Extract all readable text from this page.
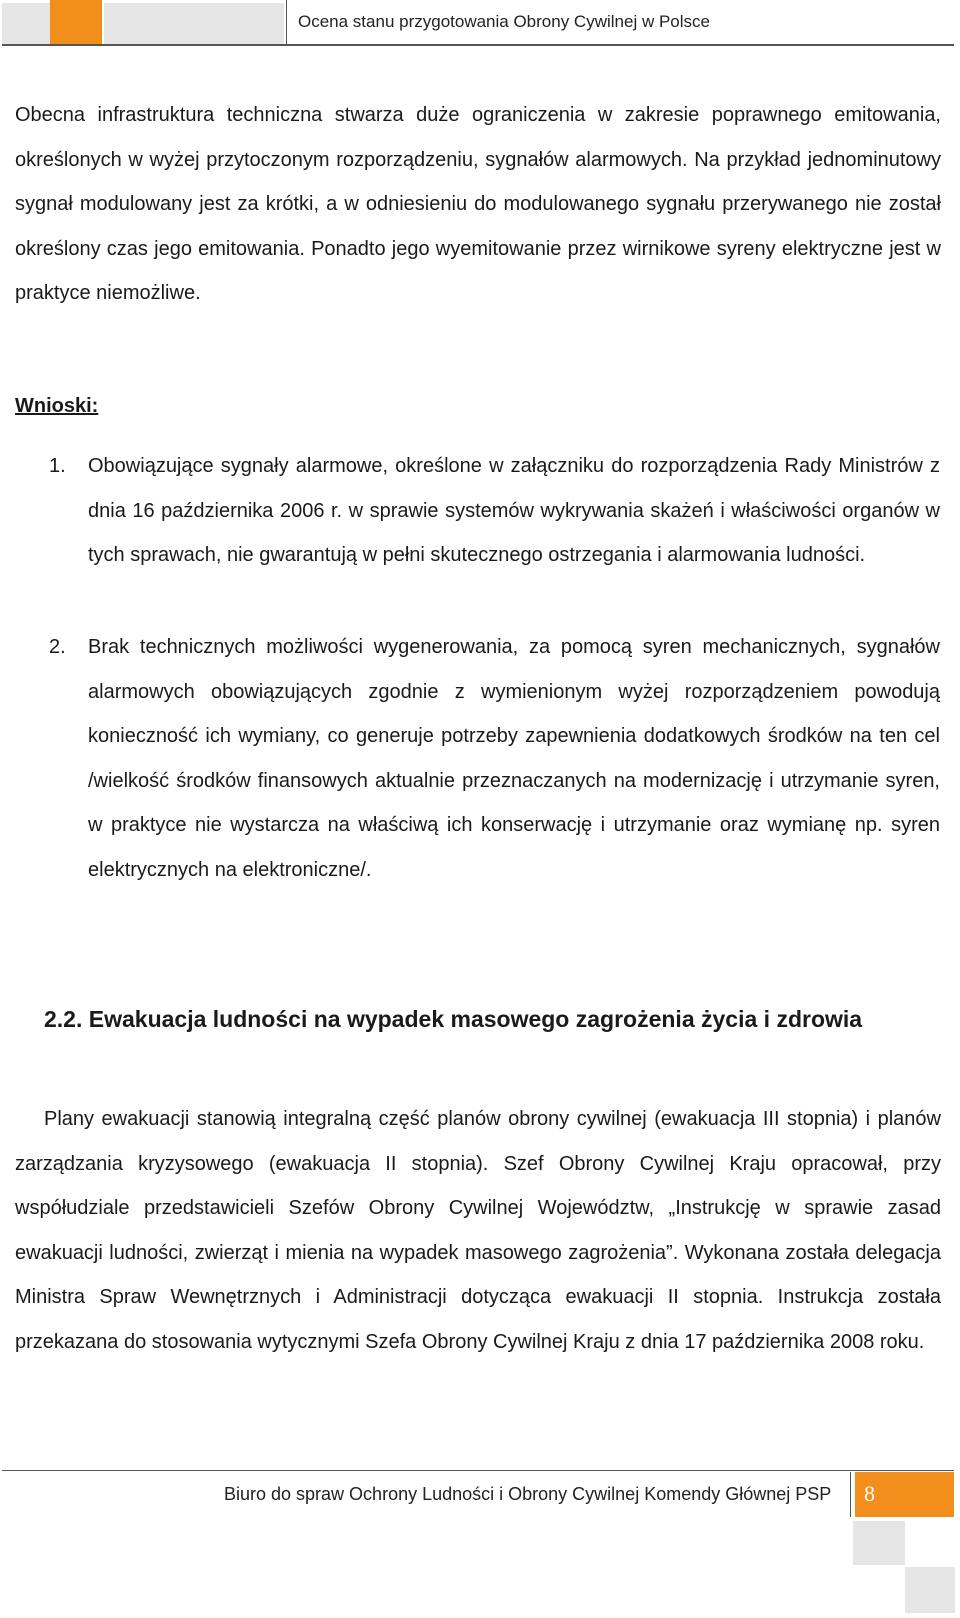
Ocena stanu przygotowania Obrony Cywilnej w Polsce

Obecna infrastruktura techniczna stwarza duże ograniczenia w zakresie poprawnego emitowania, określonych w wyżej przytoczonym rozporządzeniu, sygnałów alarmowych. Na przykład jednominutowy sygnał modulowany jest za krótki, a w odniesieniu do modulowanego sygnału przerywanego nie został określony czas jego emitowania. Ponadto jego wyemitowanie przez wirnikowe syreny elektryczne jest w praktyce niemożliwe.

Wnioski:
1. Obowiązujące sygnały alarmowe, określone w załączniku do rozporządzenia Rady Ministrów z dnia 16 października 2006 r. w sprawie systemów wykrywania skażeń i właściwości organów w tych sprawach, nie gwarantują w pełni skutecznego ostrzegania i alarmowania ludności.

2. Brak technicznych możliwości wygenerowania, za pomocą syren mechanicznych, sygnałów alarmowych obowiązujących zgodnie z wymienionym wyżej rozporządzeniem powodują konieczność ich wymiany, co generuje potrzeby zapewnienia dodatkowych środków na ten cel /wielkość środków finansowych aktualnie przeznaczanych na modernizację i utrzymanie syren, w praktyce nie wystarcza na właściwą ich konserwację i utrzymanie oraz wymianę np. syren elektrycznych na elektroniczne/.

2.2. Ewakuacja ludności na wypadek masowego zagrożenia życia i zdrowia

Plany ewakuacji stanowią integralną część planów obrony cywilnej (ewakuacja III stopnia) i planów zarządzania kryzysowego (ewakuacja II stopnia). Szef Obrony Cywilnej Kraju opracował, przy współudziale przedstawicieli Szefów Obrony Cywilnej Województw, „Instrukcję w sprawie zasad ewakuacji ludności, zwierząt i mienia na wypadek masowego zagrożenia”. Wykonana została delegacja Ministra Spraw Wewnętrznych i Administracji dotycząca ewakuacji II stopnia. Instrukcja została przekazana do stosowania wytycznymi Szefa Obrony Cywilnej Kraju z dnia 17 października 2008 roku.

Biuro do spraw Ochrony Ludności i Obrony Cywilnej Komendy Głównej PSP 8
